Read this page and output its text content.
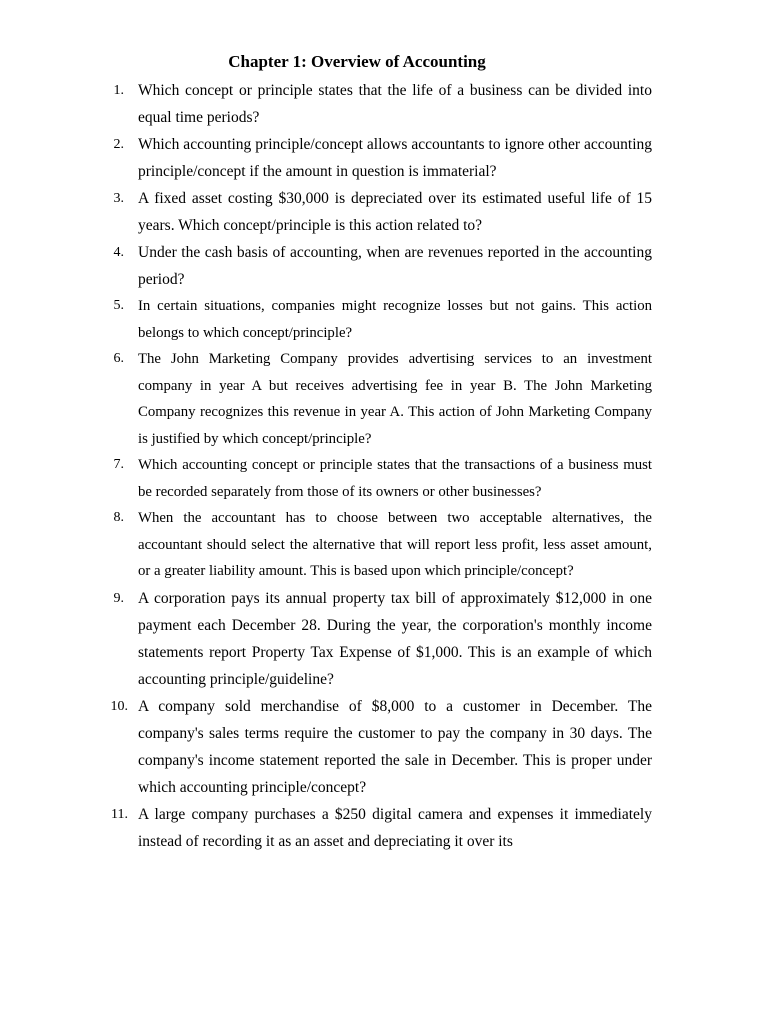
Chapter 1: Overview of Accounting
1. Which concept or principle states that the life of a business can be divided into equal time periods?
2. Which accounting principle/concept allows accountants to ignore other accounting principle/concept if the amount in question is immaterial?
3. A fixed asset costing $30,000 is depreciated over its estimated useful life of 15 years. Which concept/principle is this action related to?
4. Under the cash basis of accounting, when are revenues reported in the accounting period?
5. In certain situations, companies might recognize losses but not gains. This action belongs to which concept/principle?
6. The John Marketing Company provides advertising services to an investment company in year A but receives advertising fee in year B. The John Marketing Company recognizes this revenue in year A. This action of John Marketing Company is justified by which concept/principle?
7. Which accounting concept or principle states that the transactions of a business must be recorded separately from those of its owners or other businesses?
8. When the accountant has to choose between two acceptable alternatives, the accountant should select the alternative that will report less profit, less asset amount, or a greater liability amount. This is based upon which principle/concept?
9. A corporation pays its annual property tax bill of approximately $12,000 in one payment each December 28. During the year, the corporation's monthly income statements report Property Tax Expense of $1,000. This is an example of which accounting principle/guideline?
10. A company sold merchandise of $8,000 to a customer in December. The company's sales terms require the customer to pay the company in 30 days. The company's income statement reported the sale in December. This is proper under which accounting principle/concept?
11. A large company purchases a $250 digital camera and expenses it immediately instead of recording it as an asset and depreciating it over its
